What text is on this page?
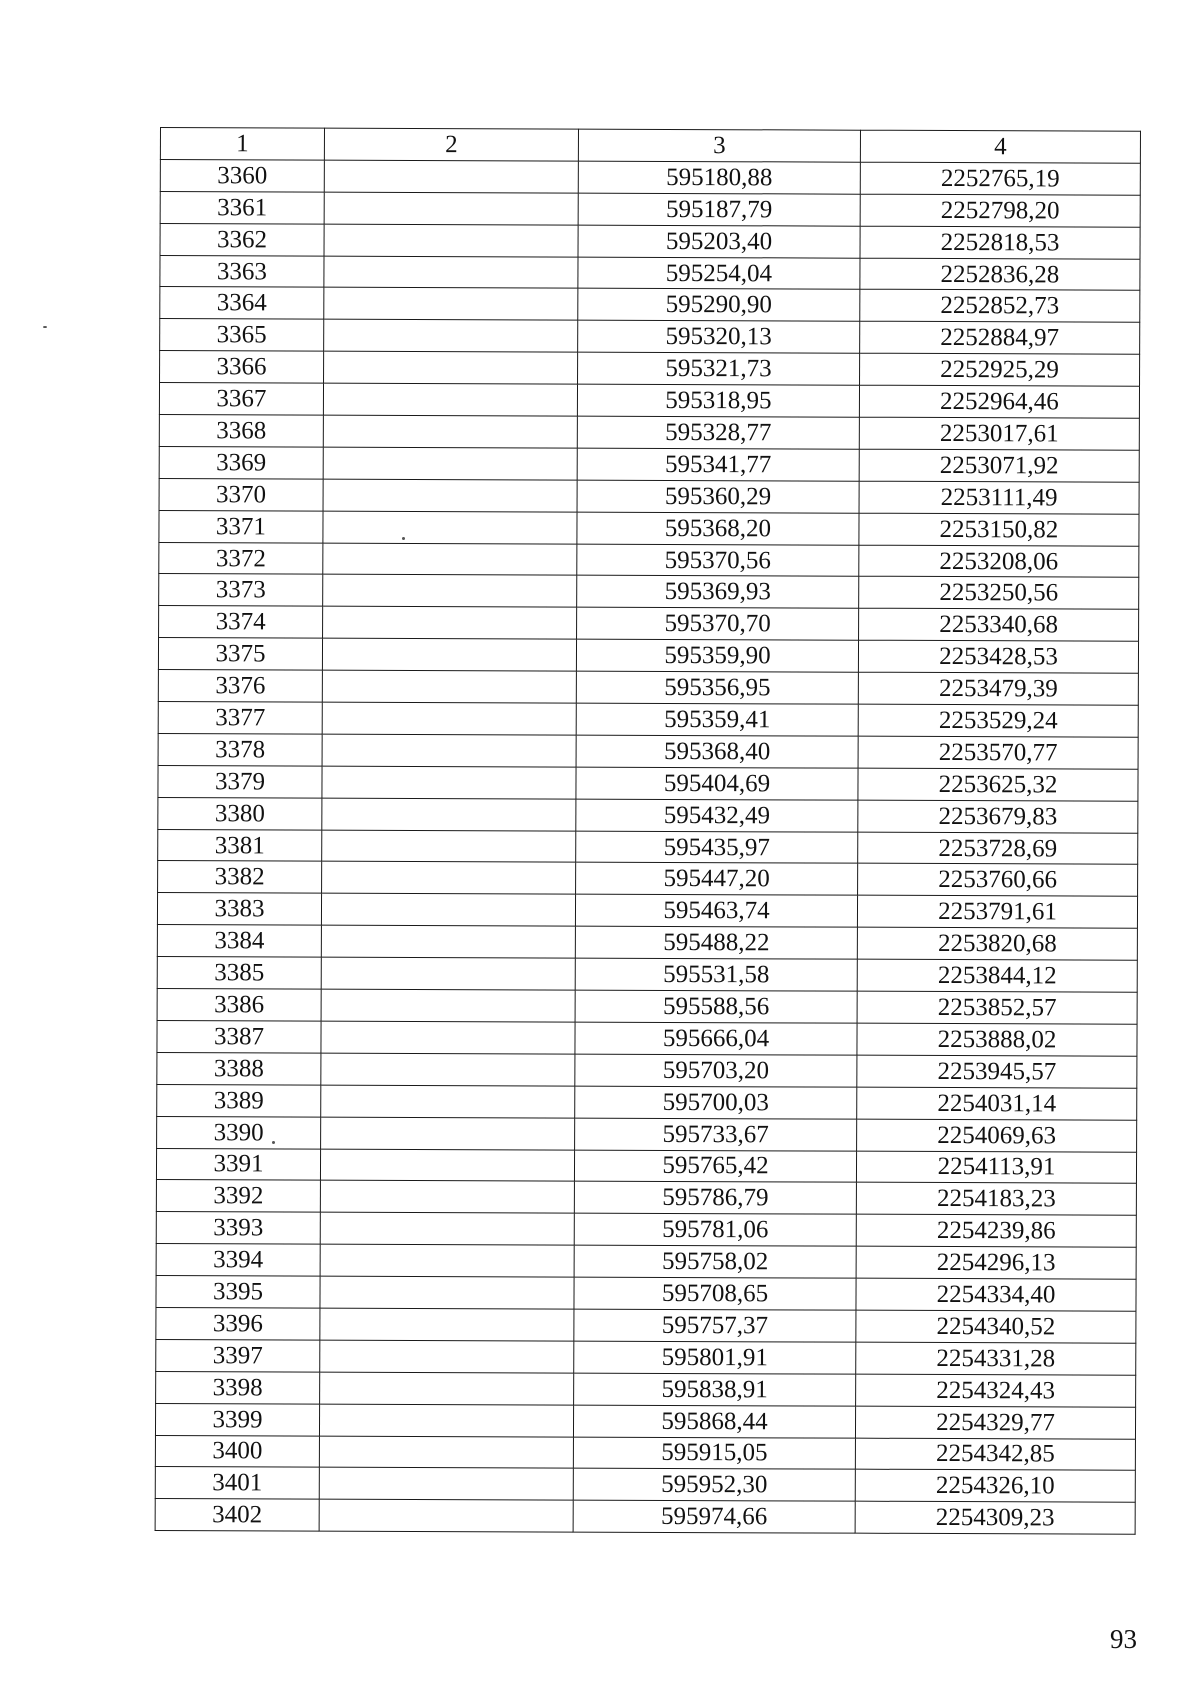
1	2	3	4
3360		595180,88	2252765,19
3361		595187,79	2252798,20
3362		595203,40	2252818,53
3363		595254,04	2252836,28
3364		595290,90	2252852,73
3365		595320,13	2252884,97
3366		595321,73	2252925,29
3367		595318,95	2252964,46
3368		595328,77	2253017,61
3369		595341,77	2253071,92
3370		595360,29	2253111,49
3371		595368,20	2253150,82
3372		595370,56	2253208,06
3373		595369,93	2253250,56
3374		595370,70	2253340,68
3375		595359,90	2253428,53
3376		595356,95	2253479,39
3377		595359,41	2253529,24
3378		595368,40	2253570,77
3379		595404,69	2253625,32
3380		595432,49	2253679,83
3381		595435,97	2253728,69
3382		595447,20	2253760,66
3383		595463,74	2253791,61
3384		595488,22	2253820,68
3385		595531,58	2253844,12
3386		595588,56	2253852,57
3387		595666,04	2253888,02
3388		595703,20	2253945,57
3389		595700,03	2254031,14
3390		595733,67	2254069,63
3391		595765,42	2254113,91
3392		595786,79	2254183,23
3393		595781,06	2254239,86
3394		595758,02	2254296,13
3395		595708,65	2254334,40
3396		595757,37	2254340,52
3397		595801,91	2254331,28
3398		595838,91	2254324,43
3399		595868,44	2254329,77
3400		595915,05	2254342,85
3401		595952,30	2254326,10
3402		595974,66	2254309,23
93
